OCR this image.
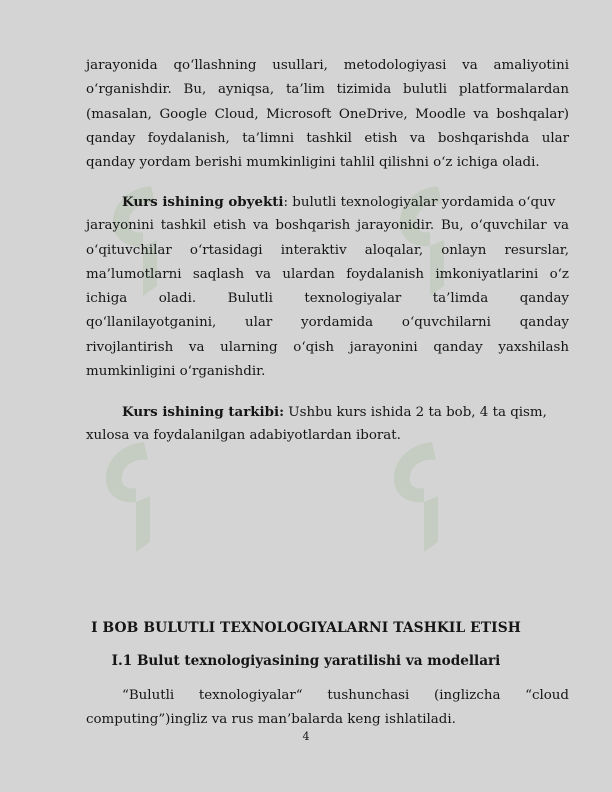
jarayonida qo‘llashning usullari, metodologiyasi va amaliyotini
o‘rganishdir. Bu, ayniqsa, ta’lim tizimida bulutli platformalardan
(masalan, Google Cloud, Microsoft OneDrive, Moodle va boshqalar)
qanday foydalanish, ta’limni tashkil etish va boshqarishda ular
qanday yordam berishi mumkinligini tahlil qilishni o‘z ichiga oladi.
Kurs ishining obyekti: bulutli texnologiyalar yordamida o‘quv
jarayonini tashkil etish va boshqarish jarayonidir. Bu, o‘quvchilar va
o‘qituvchilar o‘rtasidagi interaktiv aloqalar, onlayn resurslar,
ma’lumotlarni saqlash va ulardan foydalanish imkoniyatlarini o‘z
ichiga oladi. Bulutli texnologiyalar ta’limda qanday
qo‘llanilayotganini, ular yordamida o‘quvchilarni qanday
rivojlantirish va ularning o‘qish jarayonini qanday yaxshilash
mumkinligini o‘rganishdir.
Kurs ishining tarkibi: Ushbu kurs ishida 2 ta bob, 4 ta qism,
xulosa va foydalanilgan adabiyotlardan iborat.
I BOB BULUTLI TEXNOLOGIYALARNI TASHKIL ETISH
I.1 Bulut texnologiyasining yaratilishi va modellari
“Bulutli texnologiyalar“ tushunchasi (inglizcha “cloud
computing”)ingliz va rus man’balarda keng ishlatiladi.
4
